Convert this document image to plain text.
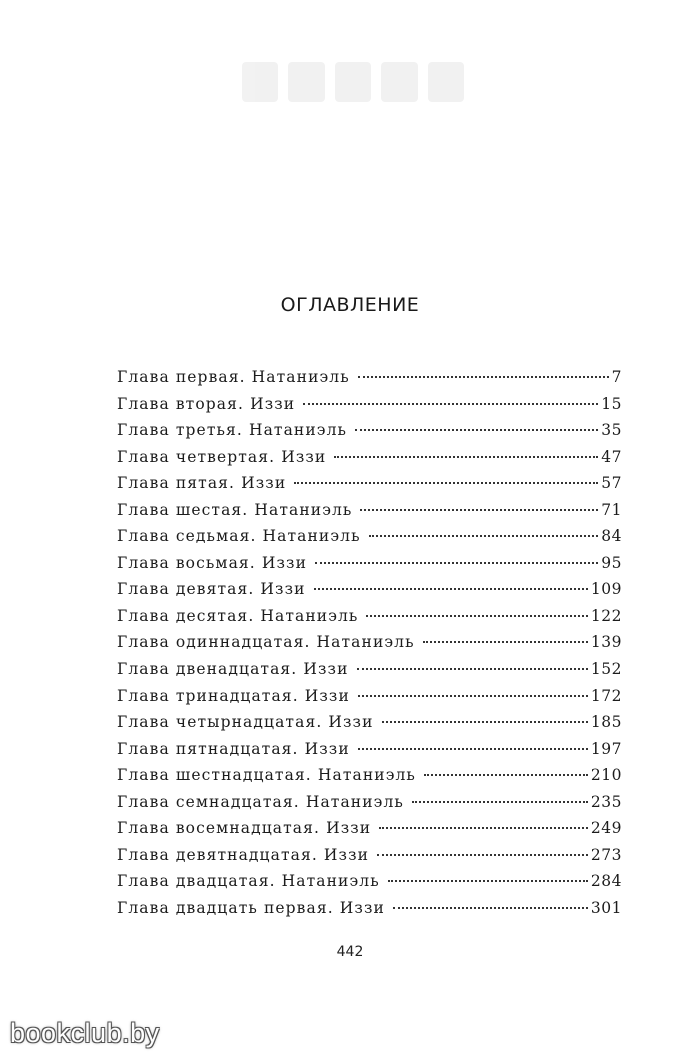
ОГЛАВЛЕНИЕ
Глава первая. Натаниэль	7
Глава вторая. Иззи	15
Глава третья. Натаниэль	35
Глава четвертая. Иззи	47
Глава пятая. Иззи	57
Глава шестая. Натаниэль	71
Глава седьмая. Натаниэль	84
Глава восьмая. Иззи	95
Глава девятая. Иззи	109
Глава десятая. Натаниэль	122
Глава одиннадцатая. Натаниэль	139
Глава двенадцатая. Иззи	152
Глава тринадцатая. Иззи	172
Глава четырнадцатая. Иззи	185
Глава пятнадцатая. Иззи	197
Глава шестнадцатая. Натаниэль	210
Глава семнадцатая. Натаниэль	235
Глава восемнадцатая. Иззи	249
Глава девятнадцатая. Иззи	273
Глава двадцатая. Натаниэль	284
Глава двадцать первая. Иззи	301
442
bookclub.by
